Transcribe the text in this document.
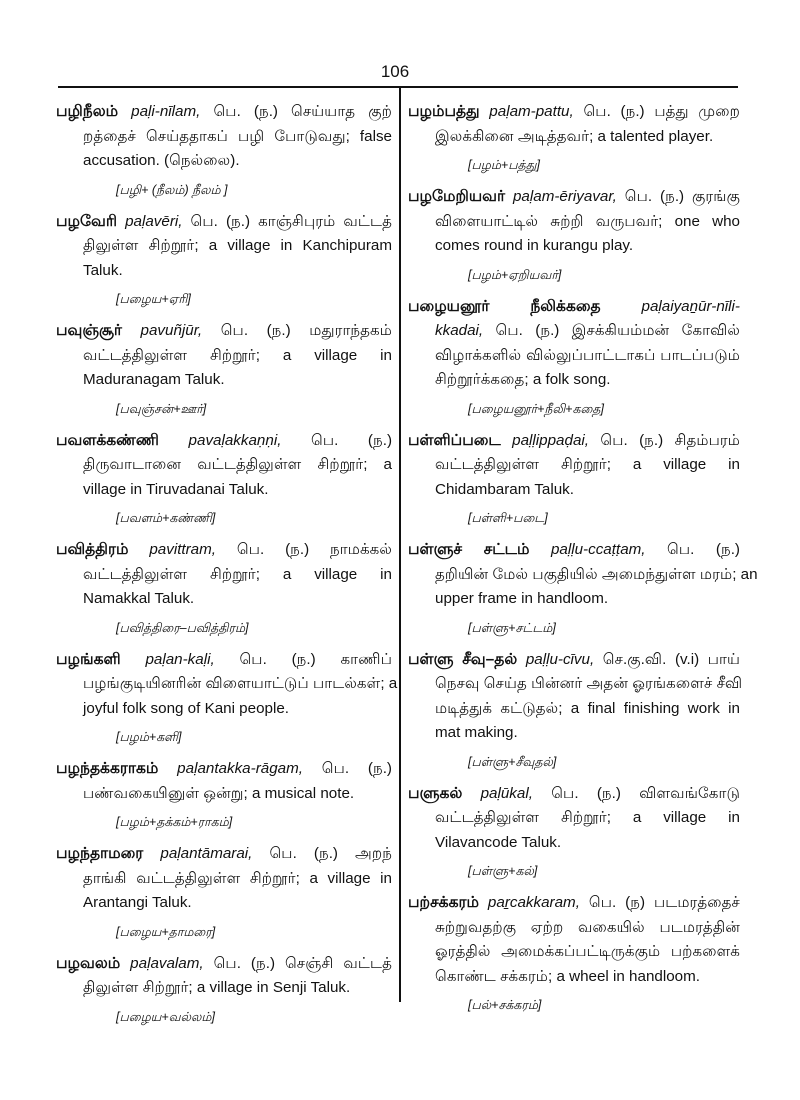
106
பழிநீலம் paḷi-nīlam, பெ. (ந.) செய்யாத குற்
றத்தைச் செய்ததாகப் பழி போடுவது; false
accusation. (நெல்லை).
[பழி+ (நீலம்) நீலம் ]
பழவேரி paḷavēri, பெ. (ந.) காஞ்சிபுரம் வட்டத்
திலுள்ள சிற்றூர்; a village in Kanchipuram
Taluk.
[பழைய+ஏரி]
பவுஞ்சூர் pavuñjūr, பெ. (ந.) மதுராந்தகம்
வட்டத்திலுள்ள சிற்றூர்; a village in
Maduranagam Taluk.
[பவுஞ்சன்+ஊர்]
பவளக்கண்ணி pavaḷakkaṇṇi, பெ. (ந.)
திருவாடானை வட்டத்திலுள்ள சிற்றூர்; a
village in Tiruvadanai Taluk.
[பவளம்+கண்ணி]
பவித்திரம் pavittram, பெ. (ந.) நாமக்கல்
வட்டத்திலுள்ள சிற்றூர்; a village in
Namakkal Taluk.
[பவித்திரை–பவித்திரம்]
பழங்களி paḷan-kaḷi, பெ. (ந.) காணிப்
பழங்குடியினரின் விளையாட்டுப் பாடல்கள்; a
joyful folk song of Kani people.
[பழம்+களி]
பழந்தக்கராகம் paḷantakka-rāgam, பெ. (ந.)
பண்வகையினுள் ஒன்று; a musical note.
[பழம்+தக்கம்+ராகம்]
பழந்தாமரை paḷantāmarai, பெ. (ந.) அறந்
தாங்கி வட்டத்திலுள்ள சிற்றூர்; a village in
Arantangi Taluk.
[பழைய+தாமரை]
பழவலம் paḷavalam, பெ. (ந.) செஞ்சி வட்டத்
திலுள்ள சிற்றூர்; a village in Senji Taluk.
[பழைய+வல்லம்]
பழம்பத்து paḷam-pattu, பெ. (ந.) பத்து முறை
இலக்கினை அடித்தவர்; a talented player.
[பழம்+பத்து]
பழமேறியவர் paḷam-ēriyavar, பெ. (ந.) குரங்கு
விளையாட்டில் சுற்றி வருபவர்; one who
comes round in kurangu play.
[பழம்+ஏறியவர்]
பழையனூர் நீலிக்கதை	paḷaiyaṉūr-nīli-
kkadai, பெ. (ந.) இசக்கியம்மன் கோவில்
விழாக்களில் வில்லுப்பாட்டாகப் பாடப்படும்
சிற்றூர்க்கதை; a folk song.
[பழையனூர்+நீலி+கதை]
பள்ளிப்படை paḷḷippaḍai, பெ. (ந.) சிதம்பரம்
வட்டத்திலுள்ள சிற்றூர்; a village in
Chidambaram Taluk.
[பள்ளி+படை]
பள்ளுச் சட்டம் paḷḷu-ccaṭṭam, பெ. (ந.)
தறியின் மேல் பகுதியில் அமைந்துள்ள மரம்; an
upper frame in handloom.
[பள்ளு+சட்டம்]
பள்ளு சீவு–தல் paḷḷu-cīvu, செ.கு.வி. (v.i) பாய்
நெசவு செய்த பின்னர் அதன் ஓரங்களைச் சீவி
மடித்துக் கட்டுதல்; a final finishing work in
mat making.
[பள்ளு+சீவுதல்]
பளுகல் paḷūkal, பெ. (ந.) விளவங்கோடு
வட்டத்திலுள்ள சிற்றூர்; a village in
Vilavancode Taluk.
[பள்ளு+கல்]
பற்சக்கரம் paṟcakkaram, பெ. (ந) படமரத்தைச்
சுற்றுவதற்கு ஏற்ற வகையில் படமரத்தின்
ஓரத்தில் அமைக்கப்பட்டிருக்கும் பற்களைக்
கொண்ட சக்கரம்; a wheel in handloom.
[பல்+சக்கரம்]
